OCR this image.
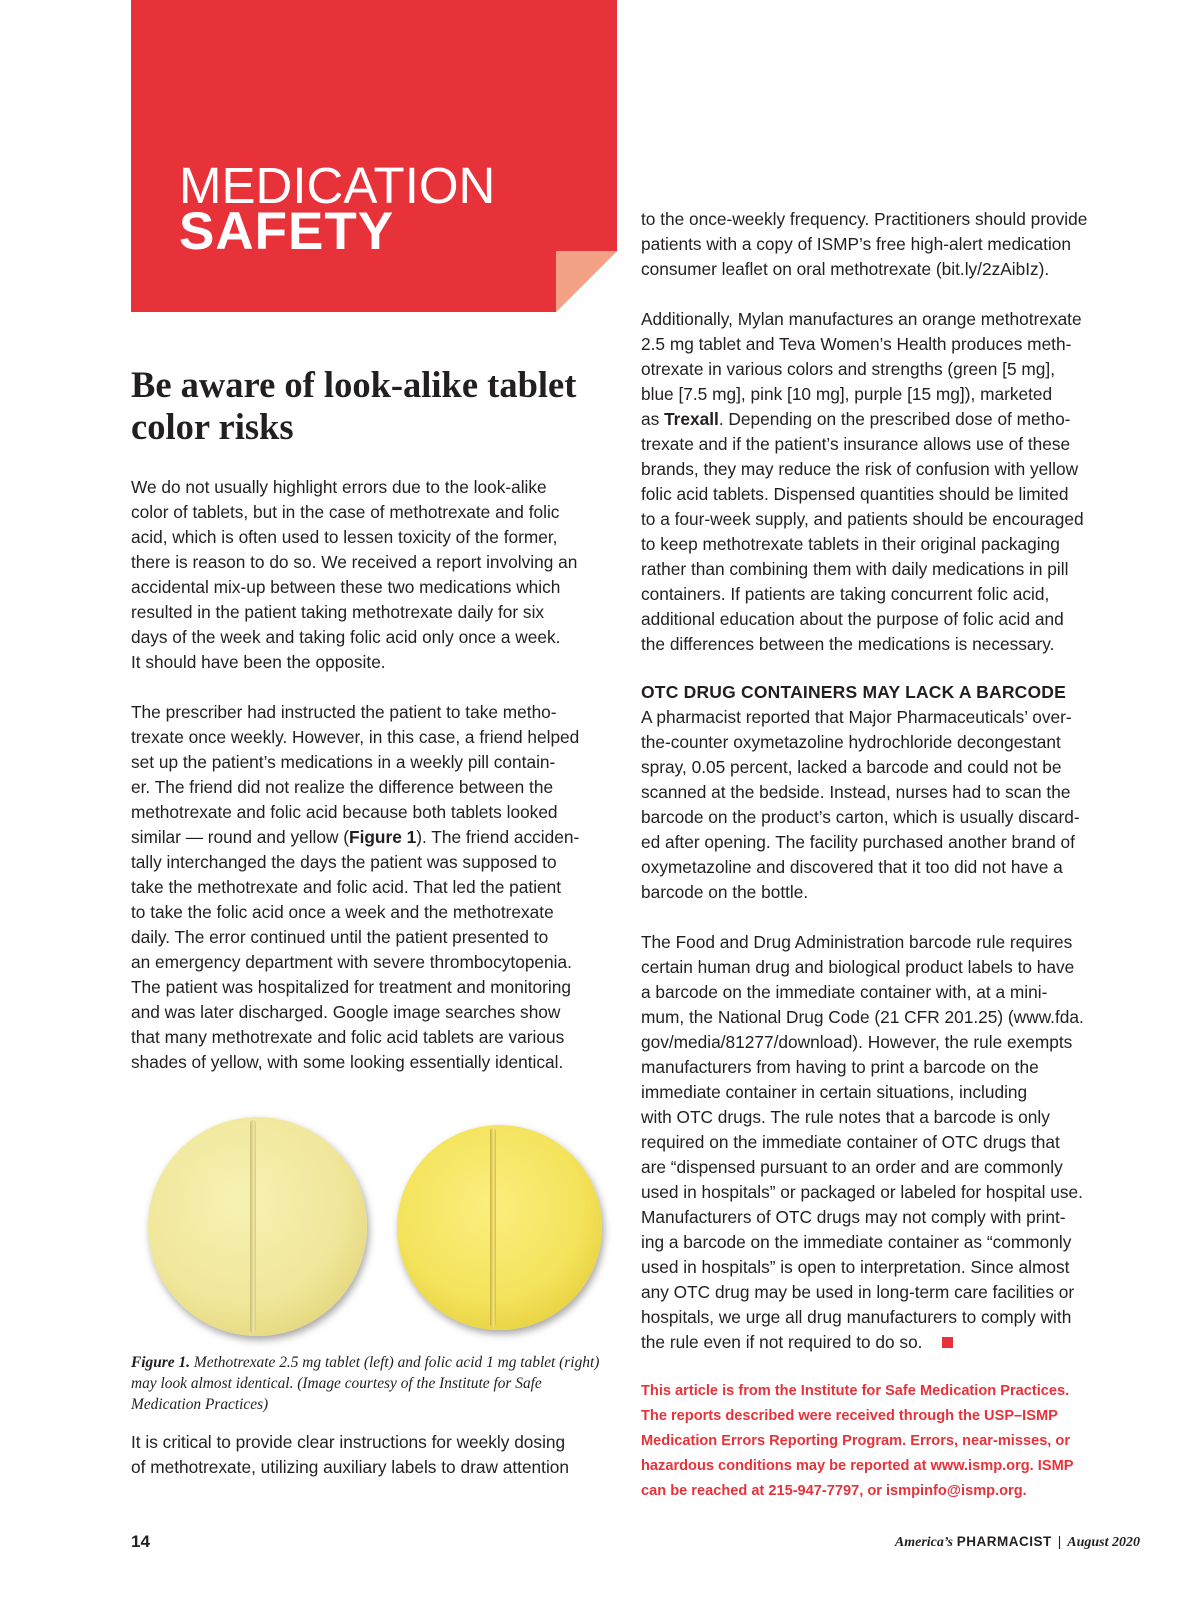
MEDICATION
SAFETY
Be aware of look-alike tablet color risks

We do not usually highlight errors due to the look-alike
color of tablets, but in the case of methotrexate and folic
acid, which is often used to lessen toxicity of the former,
there is reason to do so. We received a report involving an
accidental mix-up between these two medications which
resulted in the patient taking methotrexate daily for six
days of the week and taking folic acid only once a week.
It should have been the opposite.

The prescriber had instructed the patient to take metho-
trexate once weekly. However, in this case, a friend helped
set up the patient’s medications in a weekly pill contain-
er. The friend did not realize the difference between the
methotrexate and folic acid because both tablets looked
similar — round and yellow (Figure 1). The friend acciden-
tally interchanged the days the patient was supposed to
take the methotrexate and folic acid. That led the patient
to take the folic acid once a week and the methotrexate
daily. The error continued until the patient presented to
an emergency department with severe thrombocytopenia.
The patient was hospitalized for treatment and monitoring
and was later discharged. Google image searches show
that many methotrexate and folic acid tablets are various
shades of yellow, with some looking essentially identical.

Figure 1. Methotrexate 2.5 mg tablet (left) and folic acid 1 mg tablet (right) may look almost identical. (Image courtesy of the Institute for Safe Medication Practices)

It is critical to provide clear instructions for weekly dosing
of methotrexate, utilizing auxiliary labels to draw attention

to the once-weekly frequency. Practitioners should provide
patients with a copy of ISMP’s free high-alert medication
consumer leaflet on oral methotrexate (bit.ly/2zAibIz).

Additionally, Mylan manufactures an orange methotrexate
2.5 mg tablet and Teva Women’s Health produces meth-
otrexate in various colors and strengths (green [5 mg],
blue [7.5 mg], pink [10 mg], purple [15 mg]), marketed
as Trexall. Depending on the prescribed dose of metho-
trexate and if the patient’s insurance allows use of these
brands, they may reduce the risk of confusion with yellow
folic acid tablets. Dispensed quantities should be limited
to a four-week supply, and patients should be encouraged
to keep methotrexate tablets in their original packaging
rather than combining them with daily medications in pill
containers. If patients are taking concurrent folic acid,
additional education about the purpose of folic acid and
the differences between the medications is necessary.

OTC DRUG CONTAINERS MAY LACK A BARCODE

A pharmacist reported that Major Pharmaceuticals’ over-
the-counter oxymetazoline hydrochloride decongestant
spray, 0.05 percent, lacked a barcode and could not be
scanned at the bedside. Instead, nurses had to scan the
barcode on the product’s carton, which is usually discard-
ed after opening. The facility purchased another brand of
oxymetazoline and discovered that it too did not have a
barcode on the bottle.

The Food and Drug Administration barcode rule requires
certain human drug and biological product labels to have
a barcode on the immediate container with, at a mini-
mum, the National Drug Code (21 CFR 201.25) (www.fda.
gov/media/81277/download). However, the rule exempts
manufacturers from having to print a barcode on the
immediate container in certain situations, including
with OTC drugs. The rule notes that a barcode is only
required on the immediate container of OTC drugs that
are “dispensed pursuant to an order and are commonly
used in hospitals” or packaged or labeled for hospital use.
Manufacturers of OTC drugs may not comply with print-
ing a barcode on the immediate container as “commonly
used in hospitals” is open to interpretation. Since almost
any OTC drug may be used in long-term care facilities or
hospitals, we urge all drug manufacturers to comply with
the rule even if not required to do so.

This article is from the Institute for Safe Medication Practices.
The reports described were received through the USP–ISMP
Medication Errors Reporting Program. Errors, near-misses, or
hazardous conditions may be reported at www.ismp.org. ISMP
can be reached at 215-947-7797, or ismpinfo@ismp.org.

14	America’s PHARMACIST | August 2020
